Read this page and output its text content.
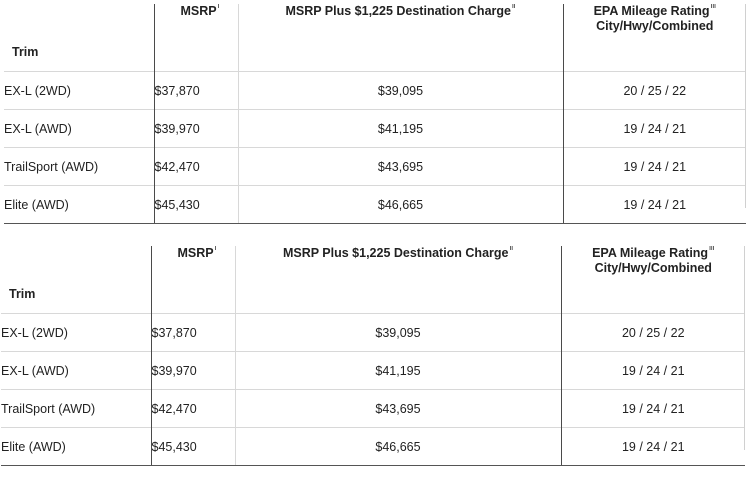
Trim	MSRP$^i$	MSRP Plus $1,225 Destination Charge$^{ii}$	EPA Mileage Rating$^{iii}$
City/Hwy/Combined

EX-L (2WD)	$37,870	$39,095	20 / 25 / 22
EX-L (AWD)	$39,970	$41,195	19 / 24 / 21
TrailSport (AWD)	$42,470	$43,695	19 / 24 / 21
Elite (AWD)	$45,430	$46,665	19 / 24 / 21
Trim	MSRP$^i$	MSRP Plus $1,225 Destination Charge$^{ii}$	EPA Mileage Rating$^{iii}$
City/Hwy/Combined

EX-L (2WD)	$37,870	$39,095	20 / 25 / 22
EX-L (AWD)	$39,970	$41,195	19 / 24 / 21
TrailSport (AWD)	$42,470	$43,695	19 / 24 / 21
Elite (AWD)	$45,430	$46,665	19 / 24 / 21
